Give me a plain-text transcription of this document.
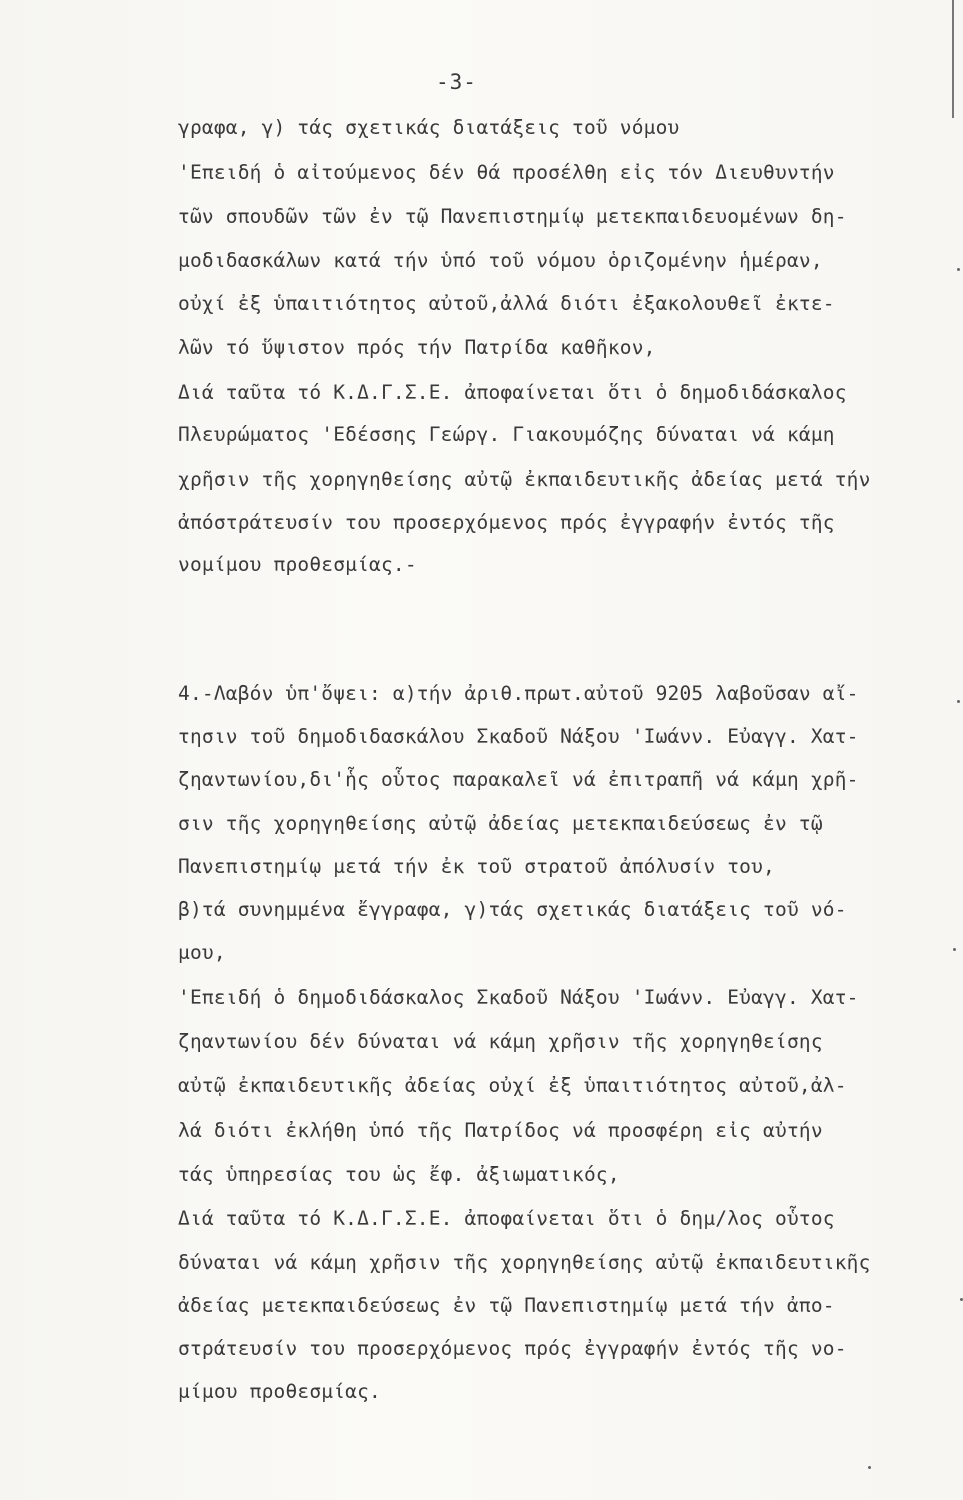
-3-
γραφα, γ) τάς σχετικάς διατάξεις τοῦ νόμου
'Επειδή ὁ αἰτούμενος δέν θά προσέλθη εἰς τόν Διευθυντήν
τῶν σπουδῶν τῶν ἐν τῷ Πανεπιστημίῳ μετεκπαιδευομένων δη-
μοδιδασκάλων κατά τήν ὑπό τοῦ νόμου ὁριζομένην ἡμέραν,
οὐχί ἐξ ὑπαιτιότητος αὐτοῦ,ἀλλά διότι ἐξακολουθεῖ ἐκτε-
λῶν τό ὕψιστον πρός τήν Πατρίδα καθῆκον,
Διά ταῦτα τό Κ.Δ.Γ.Σ.Ε. ἀποφαίνεται ὅτι ὁ δημοδιδάσκαλος
Πλευρώματος 'Εδέσσης Γεώργ. Γιακουμόζης δύναται νά κάμη
χρῆσιν τῆς χορηγηθείσης αὐτῷ ἐκπαιδευτικῆς ἀδείας μετά τήν
ἀπόστράτευσίν του προσερχόμενος πρός ἐγγραφήν ἐντός τῆς
νομίμου προθεσμίας.-
4.-Λαβόν ὑπ'ὄψει: α)τήν ἀριθ.πρωτ.αὐτοῦ 9205 λαβοῦσαν αἴ-
τησιν τοῦ δημοδιδασκάλου Σκαδοῦ Νάξου 'Ιωάνν. Εὐαγγ. Χατ-
ζηαντωνίου,δι'ἧς οὗτος παρακαλεῖ νά ἐπιτραπῆ νά κάμη χρῆ-
σιν τῆς χορηγηθείσης αὐτῷ ἀδείας μετεκπαιδεύσεως ἐν τῷ
Πανεπιστημίῳ μετά τήν ἐκ τοῦ στρατοῦ ἀπόλυσίν του,
β)τά συνημμένα ἔγγραφα, γ)τάς σχετικάς διατάξεις τοῦ νό-
μου,
'Επειδή ὁ δημοδιδάσκαλος Σκαδοῦ Νάξου 'Ιωάνν. Εὐαγγ. Χατ-
ζηαντωνίου δέν δύναται νά κάμη χρῆσιν τῆς χορηγηθείσης
αὐτῷ ἐκπαιδευτικῆς ἀδείας οὐχί ἐξ ὑπαιτιότητος αὐτοῦ,ἀλ-
λά διότι ἐκλήθη ὑπό τῆς Πατρίδος νά προσφέρη εἰς αὐτήν
τάς ὑπηρεσίας του ὡς ἔφ. ἀξιωματικός,
Διά ταῦτα τό Κ.Δ.Γ.Σ.Ε. ἀποφαίνεται ὅτι ὁ δημ/λος οὗτος
δύναται νά κάμη χρῆσιν τῆς χορηγηθείσης αὐτῷ ἐκπαιδευτικῆς
ἀδείας μετεκπαιδεύσεως ἐν τῷ Πανεπιστημίῳ μετά τήν ἀπο-
στράτευσίν του προσερχόμενος πρός ἐγγραφήν ἐντός τῆς νο-
μίμου προθεσμίας.
